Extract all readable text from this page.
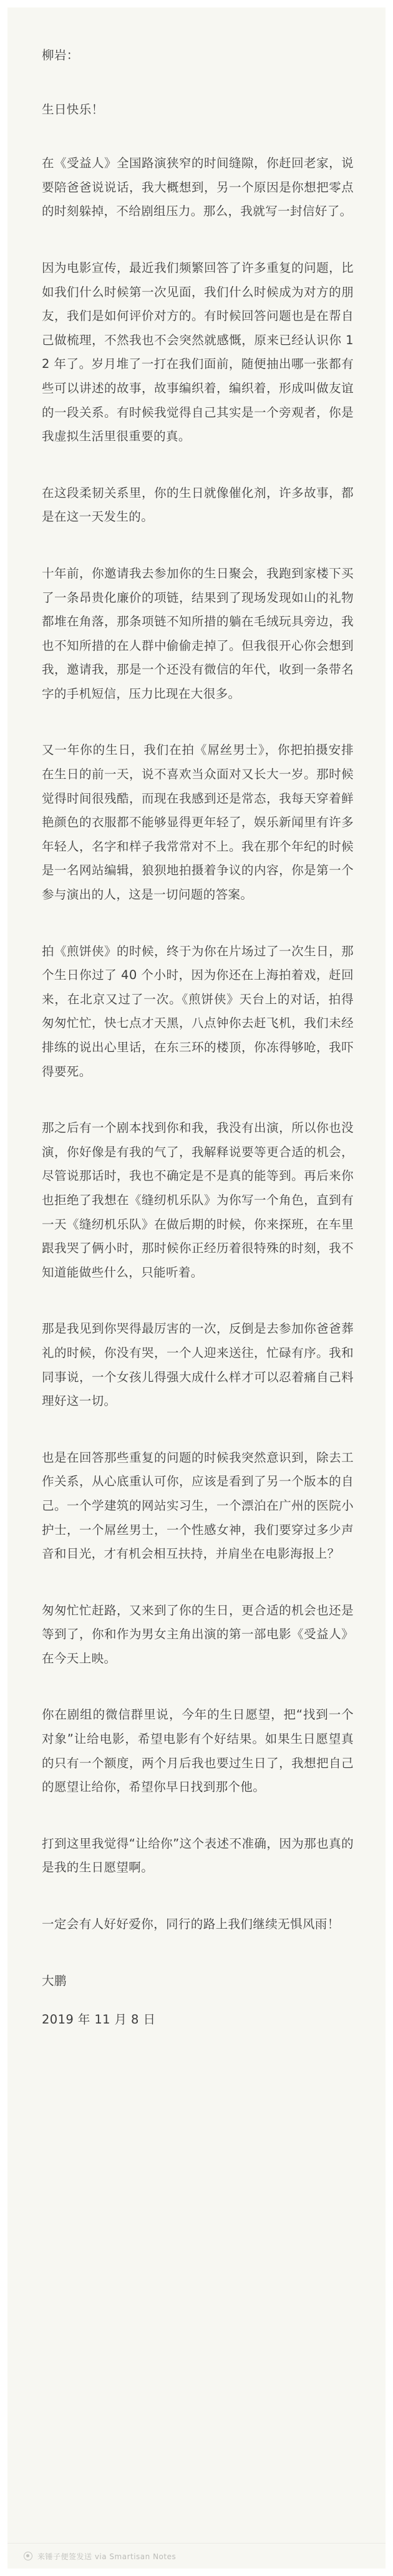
柳岩：

生日快乐！

在《受益人》全国路演狭窄的时间缝隙，你赶回老家，说要陪爸爸说说话，我大概想到，另一个原因是你想把零点的时刻躲掉，不给剧组压力。那么，我就写一封信好了。

因为电影宣传，最近我们频繁回答了许多重复的问题，比如我们什么时候第一次见面，我们什么时候成为对方的朋友，我们是如何评价对方的。有时候回答问题也是在帮自己做梳理，不然我也不会突然就感慨，原来已经认识你 12 年了。岁月堆了一打在我们面前，随便抽出哪一张都有些可以讲述的故事，故事编织着，编织着，形成叫做友谊的一段关系。有时候我觉得自己其实是一个旁观者，你是我虚拟生活里很重要的真。

在这段柔韧关系里，你的生日就像催化剂，许多故事，都是在这一天发生的。

十年前，你邀请我去参加你的生日聚会，我跑到家楼下买了一条昂贵化廉价的项链，结果到了现场发现如山的礼物都堆在角落，那条项链不知所措的躺在毛绒玩具旁边，我也不知所措的在人群中偷偷走掉了。但我很开心你会想到我，邀请我，那是一个还没有微信的年代，收到一条带名字的手机短信，压力比现在大很多。

又一年你的生日，我们在拍《屌丝男士》，你把拍摄安排在生日的前一天，说不喜欢当众面对又长大一岁。那时候觉得时间很残酷，而现在我感到还是常态，我每天穿着鲜艳颜色的衣服都不能够显得更年轻了，娱乐新闻里有许多年轻人，名字和样子我常常对不上。我在那个年纪的时候是一名网站编辑，狼狈地拍摄着争议的内容，你是第一个参与演出的人，这是一切问题的答案。

拍《煎饼侠》的时候，终于为你在片场过了一次生日，那个生日你过了 40 个小时，因为你还在上海拍着戏，赶回来，在北京又过了一次。《煎饼侠》天台上的对话，拍得匆匆忙忙，快七点才天黑，八点钟你去赶飞机，我们未经排练的说出心里话，在东三环的楼顶，你冻得够呛，我吓得要死。

那之后有一个剧本找到你和我，我没有出演，所以你也没演，你好像是有我的气了，我解释说要等更合适的机会，尽管说那话时，我也不确定是不是真的能等到。再后来你也拒绝了我想在《缝纫机乐队》为你写一个角色，直到有一天《缝纫机乐队》在做后期的时候，你来探班，在车里跟我哭了俩小时，那时候你正经历着很特殊的时刻，我不知道能做些什么，只能听着。

那是我见到你哭得最厉害的一次，反倒是去参加你爸爸葬礼的时候，你没有哭，一个人迎来送往，忙碌有序。我和同事说，一个女孩儿得强大成什么样才可以忍着痛自己料理好这一切。

也是在回答那些重复的问题的时候我突然意识到，除去工作关系，从心底重认可你，应该是看到了另一个版本的自己。一个学建筑的网站实习生，一个漂泊在广州的医院小护士，一个屌丝男士，一个性感女神，我们要穿过多少声音和目光，才有机会相互扶持，并肩坐在电影海报上？

匆匆忙忙赶路，又来到了你的生日，更合适的机会也还是等到了，你和作为男女主角出演的第一部电影《受益人》在今天上映。

你在剧组的微信群里说，今年的生日愿望，把“找到一个对象”让给电影，希望电影有个好结果。如果生日愿望真的只有一个额度，两个月后我也要过生日了，我想把自己的愿望让给你，希望你早日找到那个他。

打到这里我觉得“让给你”这个表述不准确，因为那也真的是我的生日愿望啊。

一定会有人好好爱你，同行的路上我们继续无惧风雨！

大鹏

2019 年 11 月 8 日

来锤子便签发送 via Smartisan Notes
